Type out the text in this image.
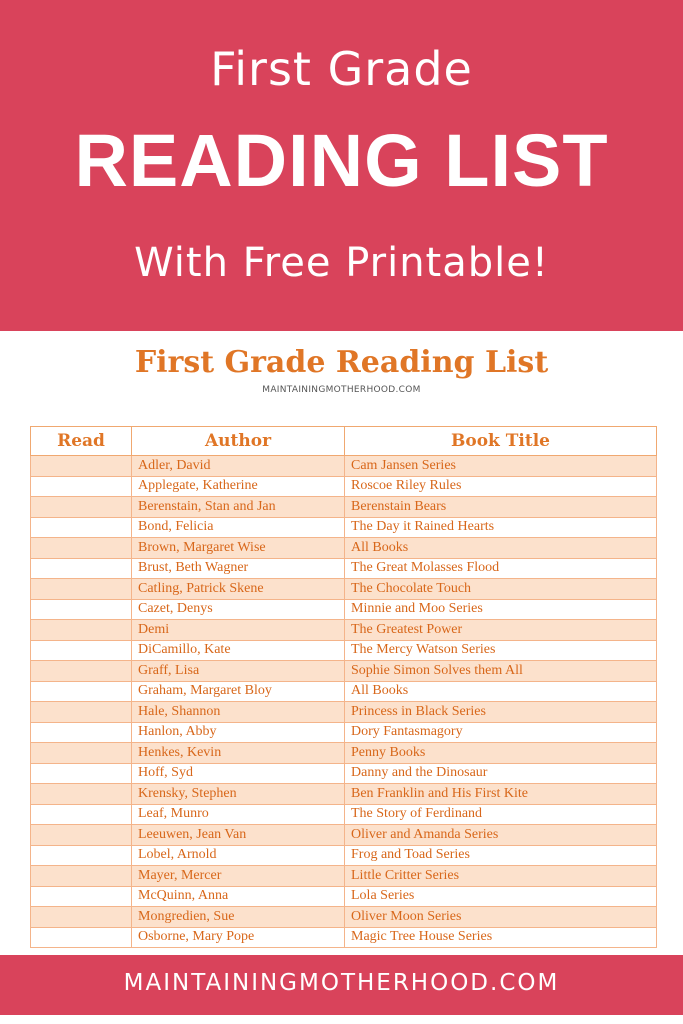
First Grade
READING LIST
With Free Printable!
First Grade Reading List
MAINTAININGMOTHERHOOD.COM
Read	Author	Book Title
	Adler, David	Cam Jansen Series
	Applegate, Katherine	Roscoe Riley Rules
	Berenstain, Stan and Jan	Berenstain Bears
	Bond, Felicia	The Day it Rained Hearts
	Brown, Margaret Wise	All Books
	Brust, Beth Wagner	The Great Molasses Flood
	Catling, Patrick Skene	The Chocolate Touch
	Cazet, Denys	Minnie and Moo Series
	Demi	The Greatest Power
	DiCamillo, Kate	The Mercy Watson Series
	Graff, Lisa	Sophie Simon Solves them All
	Graham, Margaret Bloy	All Books
	Hale, Shannon	Princess in Black Series
	Hanlon, Abby	Dory Fantasmagory
	Henkes, Kevin	Penny Books
	Hoff, Syd	Danny and the Dinosaur
	Krensky, Stephen	Ben Franklin and His First Kite
	Leaf, Munro	The Story of Ferdinand
	Leeuwen, Jean Van	Oliver and Amanda Series
	Lobel, Arnold	Frog and Toad Series
	Mayer, Mercer	Little Critter Series
	McQuinn, Anna	Lola Series
	Mongredien, Sue	Oliver Moon Series
	Osborne, Mary Pope	Magic Tree House Series
MAINTAININGMOTHERHOOD.COM
